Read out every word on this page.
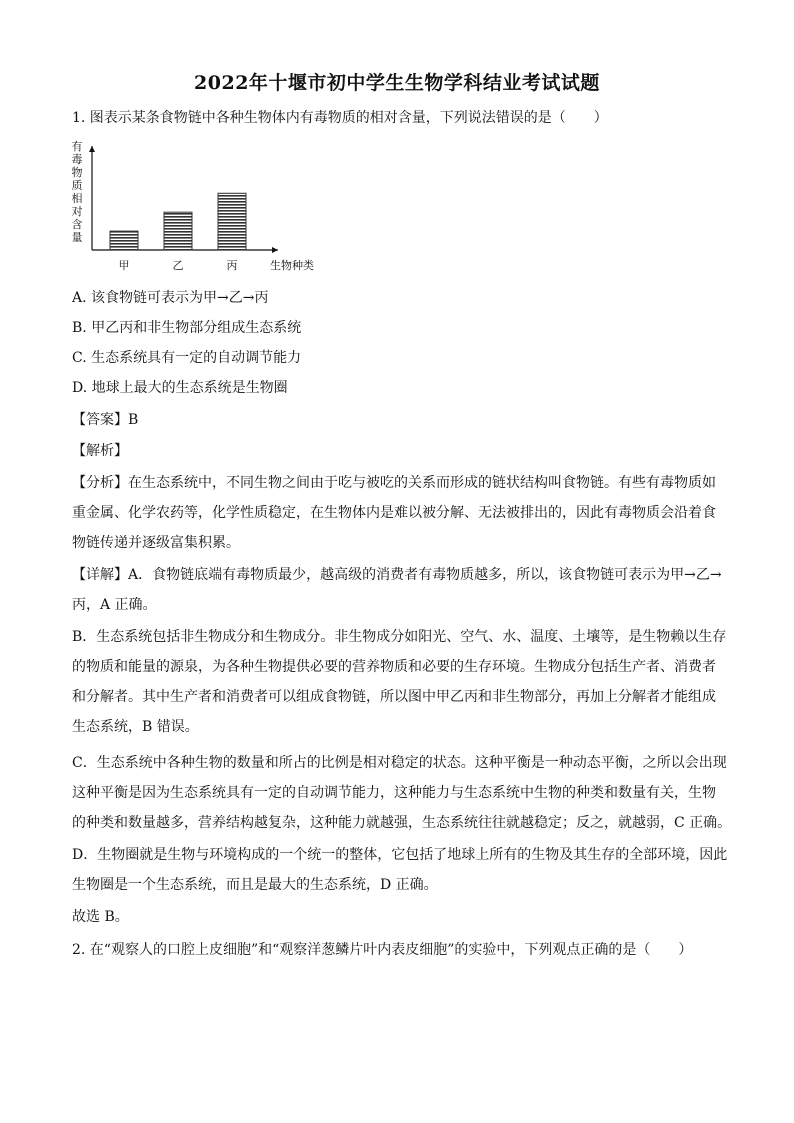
2022年十堰市初中学生生物学科结业考试试题
1. 图表示某条食物链中各种生物体内有毒物质的相对含量，下列说法错误的是（　　）
有
毒
物
质
相
对
含
量
甲	乙	丙	生物种类
A. 该食物链可表示为甲→乙→丙
B. 甲乙丙和非生物部分组成生态系统
C. 生态系统具有一定的自动调节能力
D. 地球上最大的生态系统是生物圈
【答案】B
【解析】
【分析】在生态系统中，不同生物之间由于吃与被吃的关系而形成的链状结构叫食物链。有些有毒物质如
重金属、化学农药等，化学性质稳定，在生物体内是难以被分解、无法被排出的，因此有毒物质会沿着食
物链传递并逐级富集积累。
【详解】A．食物链底端有毒物质最少，越高级的消费者有毒物质越多，所以，该食物链可表示为甲→乙→
丙，A 正确。
B．生态系统包括非生物成分和生物成分。非生物成分如阳光、空气、水、温度、土壤等，是生物赖以生存
的物质和能量的源泉，为各种生物提供必要的营养物质和必要的生存环境。生物成分包括生产者、消费者
和分解者。其中生产者和消费者可以组成食物链，所以图中甲乙丙和非生物部分，再加上分解者才能组成
生态系统，B 错误。
C．生态系统中各种生物的数量和所占的比例是相对稳定的状态。这种平衡是一种动态平衡，之所以会出现
这种平衡是因为生态系统具有一定的自动调节能力，这种能力与生态系统中生物的种类和数量有关，生物
的种类和数量越多，营养结构越复杂，这种能力就越强，生态系统往往就越稳定；反之，就越弱，C 正确。
D．生物圈就是生物与环境构成的一个统一的整体，它包括了地球上所有的生物及其生存的全部环境，因此
生物圈是一个生态系统，而且是最大的生态系统，D 正确。
故选 B。
2. 在“观察人的口腔上皮细胞”和“观察洋葱鳞片叶内表皮细胞”的实验中，下列观点正确的是（　　）
